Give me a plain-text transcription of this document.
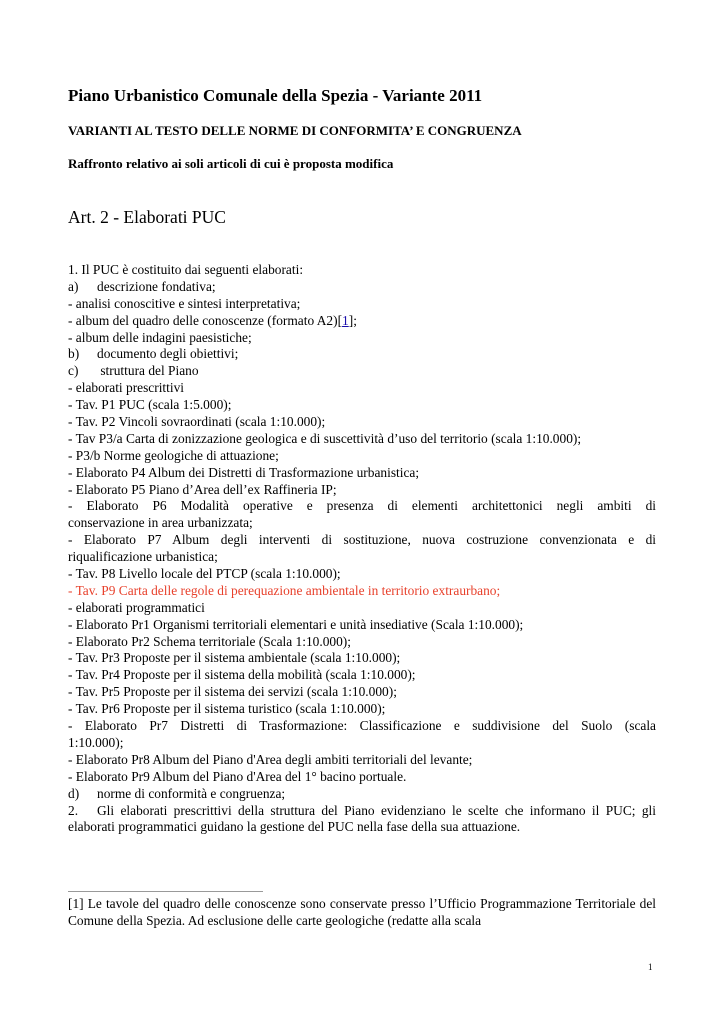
Piano Urbanistico Comunale della Spezia - Variante 2011
VARIANTI AL TESTO DELLE NORME DI CONFORMITA’ E CONGRUENZA
Raffronto relativo ai soli articoli di cui è proposta modifica
Art. 2 - Elaborati PUC
1. Il PUC è costituito dai seguenti elaborati:
a) descrizione fondativa;
- analisi conoscitive e sintesi interpretativa;
- album del quadro delle conoscenze (formato A2)[1];
- album delle indagini paesistiche;
b) documento degli obiettivi;
c) struttura del Piano
- elaborati prescrittivi
- Tav. P1 PUC (scala 1:5.000);
- Tav. P2 Vincoli sovraordinati (scala 1:10.000);
- Tav P3/a Carta di zonizzazione geologica e di suscettività d’uso del territorio (scala 1:10.000);
- P3/b Norme geologiche di attuazione;
- Elaborato P4 Album dei Distretti di Trasformazione urbanistica;
- Elaborato P5 Piano d’Area dell’ex Raffineria IP;
- Elaborato P6 Modalità operative e presenza di elementi architettonici negli ambiti di
conservazione in area urbanizzata;
- Elaborato P7 Album degli interventi di sostituzione, nuova costruzione convenzionata e di
riqualificazione urbanistica;
- Tav. P8 Livello locale del PTCP (scala 1:10.000);
- Tav. P9 Carta delle regole di perequazione ambientale in territorio extraurbano;
- elaborati programmatici
- Elaborato Pr1 Organismi territoriali elementari e unità insediative (Scala 1:10.000);
- Elaborato Pr2 Schema territoriale (Scala 1:10.000);
- Tav. Pr3 Proposte per il sistema ambientale (scala 1:10.000);
- Tav. Pr4 Proposte per il sistema della mobilità (scala 1:10.000);
- Tav. Pr5 Proposte per il sistema dei servizi (scala 1:10.000);
- Tav. Pr6 Proposte per il sistema turistico (scala 1:10.000);
- Elaborato Pr7 Distretti di Trasformazione: Classificazione e suddivisione del Suolo (scala
1:10.000);
- Elaborato Pr8 Album del Piano d'Area degli ambiti territoriali del levante;
- Elaborato Pr9 Album del Piano d'Area del 1° bacino portuale.
d) norme di conformità e congruenza;
2. Gli elaborati prescrittivi della struttura del Piano evidenziano le scelte che informano il PUC; gli
elaborati programmatici guidano la gestione del PUC nella fase della sua attuazione.
[1] Le tavole del quadro delle conoscenze sono conservate presso l’Ufficio Programmazione Territoriale del Comune della Spezia. Ad esclusione delle carte geologiche (redatte alla scala
1
